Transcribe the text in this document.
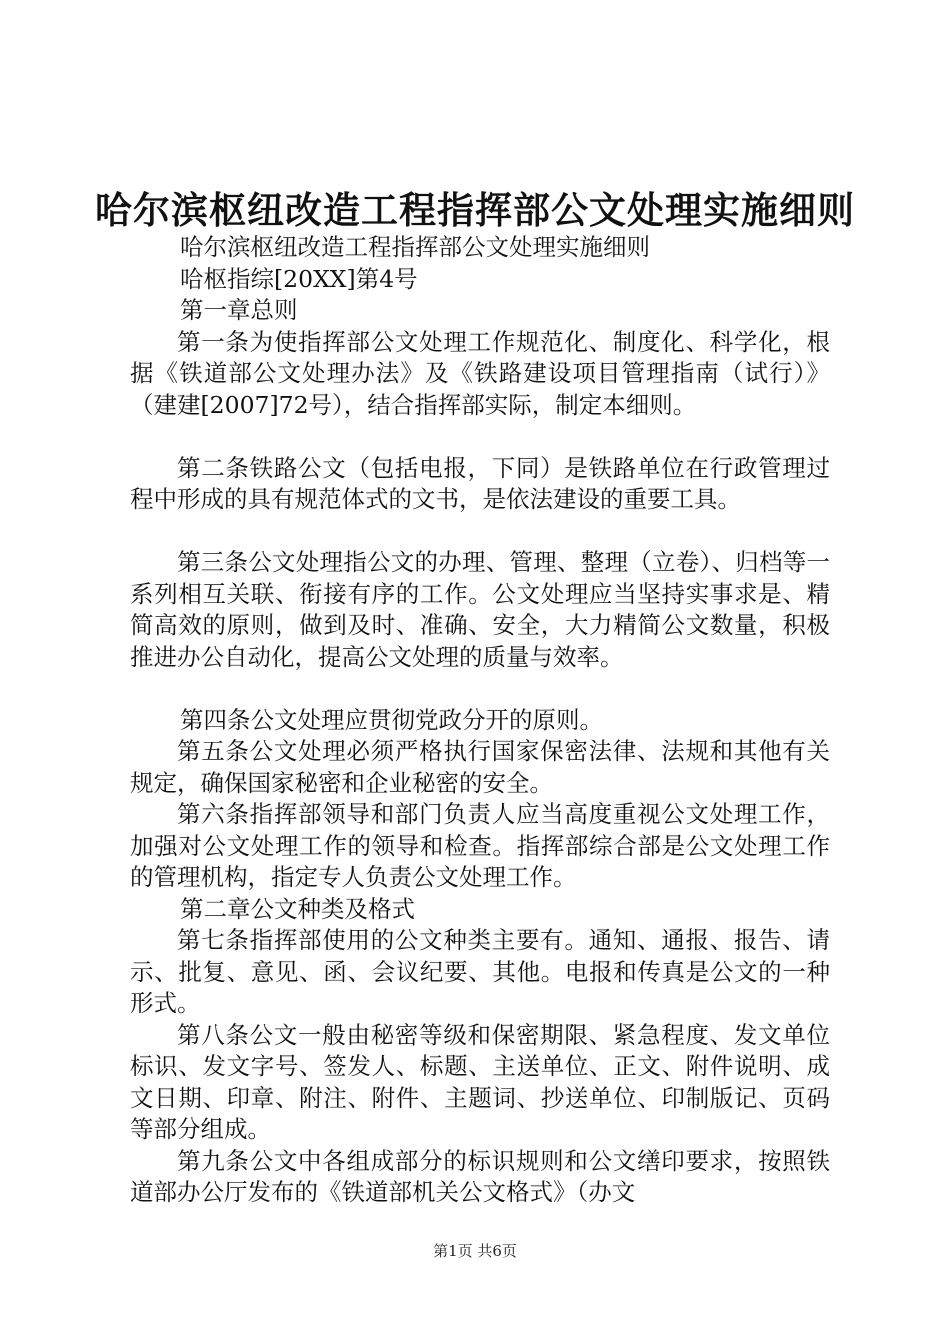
哈尔滨枢纽改造工程指挥部公文处理实施细则
哈尔滨枢纽改造工程指挥部公文处理实施细则
哈枢指综[20XX]第4号
第一章总则

第一条为使指挥部公文处理工作规范化、制度化、科学化，根据《铁道部公文处理办法》及《铁路建设项目管理指南（试行）》（建建[2007]72号），结合指挥部实际，制定本细则。

第二条铁路公文（包括电报，下同）是铁路单位在行政管理过程中形成的具有规范体式的文书，是依法建设的重要工具。

第三条公文处理指公文的办理、管理、整理（立卷）、归档等一系列相互关联、衔接有序的工作。公文处理应当坚持实事求是、精简高效的原则，做到及时、准确、安全，大力精简公文数量，积极推进办公自动化，提高公文处理的质量与效率。

第四条公文处理应贯彻党政分开的原则。

第五条公文处理必须严格执行国家保密法律、法规和其他有关规定，确保国家秘密和企业秘密的安全。

第六条指挥部领导和部门负责人应当高度重视公文处理工作，加强对公文处理工作的领导和检查。指挥部综合部是公文处理工作的管理机构，指定专人负责公文处理工作。

第二章公文种类及格式

第七条指挥部使用的公文种类主要有。通知、通报、报告、请示、批复、意见、函、会议纪要、其他。电报和传真是公文的一种形式。

第八条公文一般由秘密等级和保密期限、紧急程度、发文单位标识、发文字号、签发人、标题、主送单位、正文、附件说明、成文日期、印章、附注、附件、主题词、抄送单位、印制版记、页码等部分组成。

第九条公文中各组成部分的标识规则和公文缮印要求，按照铁道部办公厅发布的《铁道部机关公文格式》（办文

第1页 共6页
